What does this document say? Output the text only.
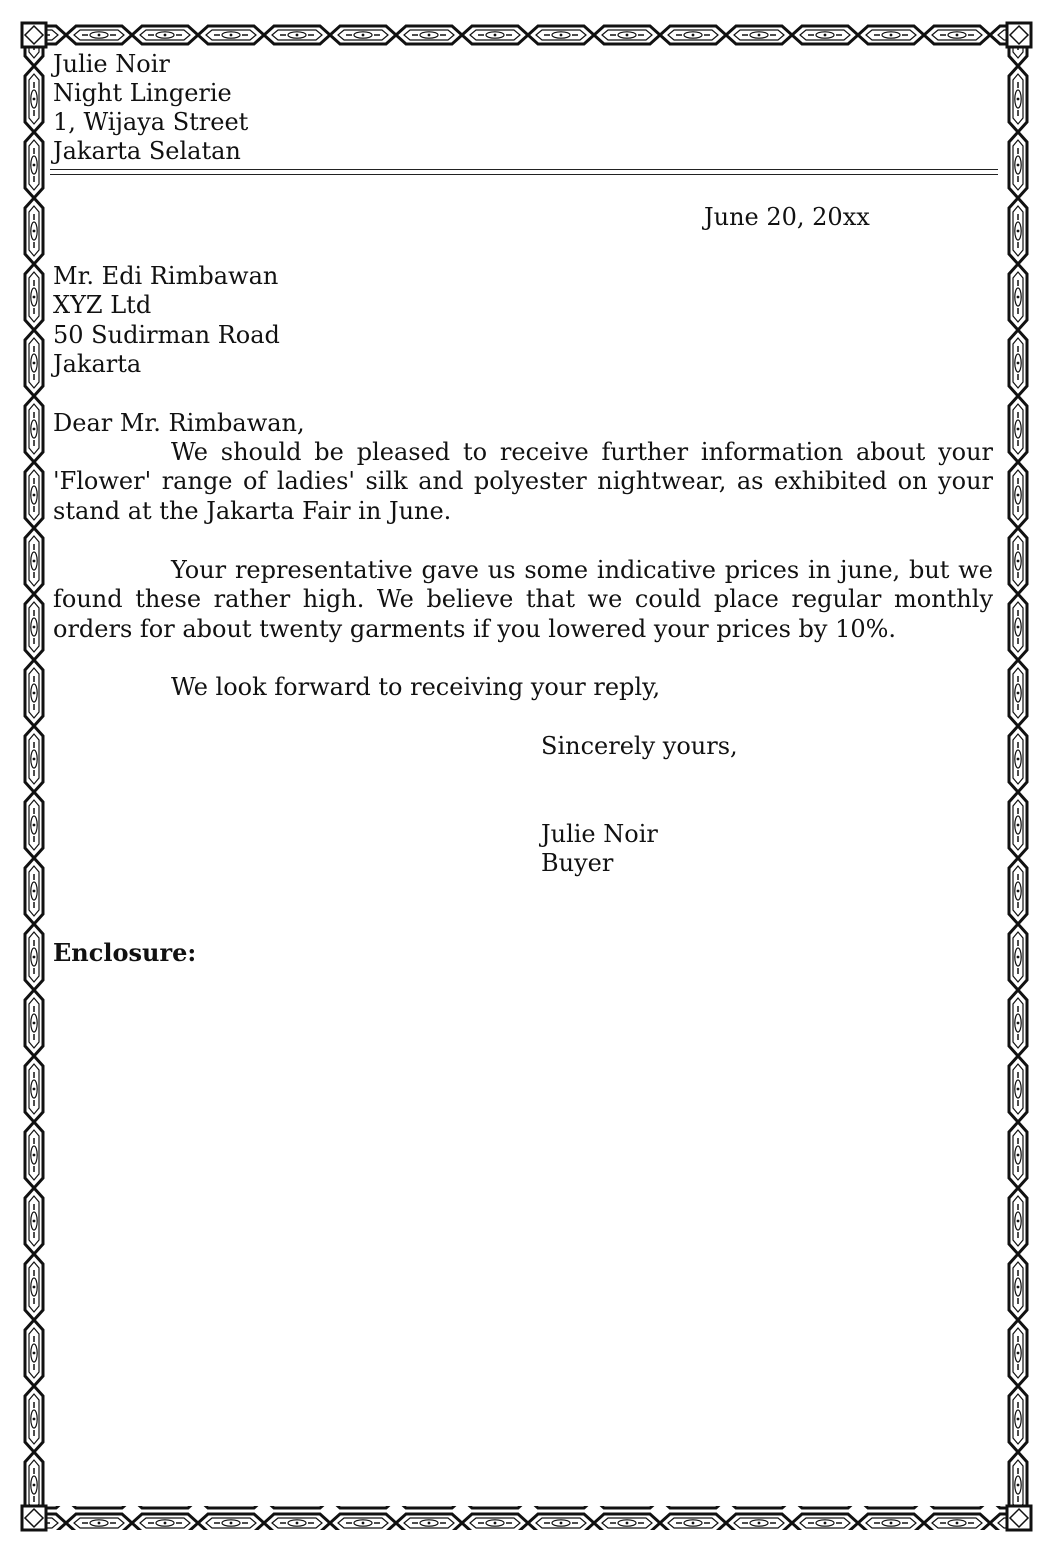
Julie Noir
Night Lingerie
1, Wijaya Street
Jakarta Selatan
June 20, 20xx
Mr. Edi Rimbawan
XYZ Ltd
50 Sudirman Road
Jakarta
Dear Mr. Rimbawan,
We should be pleased to receive further information about your 'Flower' range of ladies' silk and polyester nightwear, as exhibited on your stand at the Jakarta Fair in June.
Your representative gave us some indicative prices in june, but we found these rather high. We believe that we could place regular monthly orders for about twenty garments if you lowered your prices by 10%.
We look forward to receiving your reply,
Sincerely yours,
Julie Noir
Buyer
Enclosure:
